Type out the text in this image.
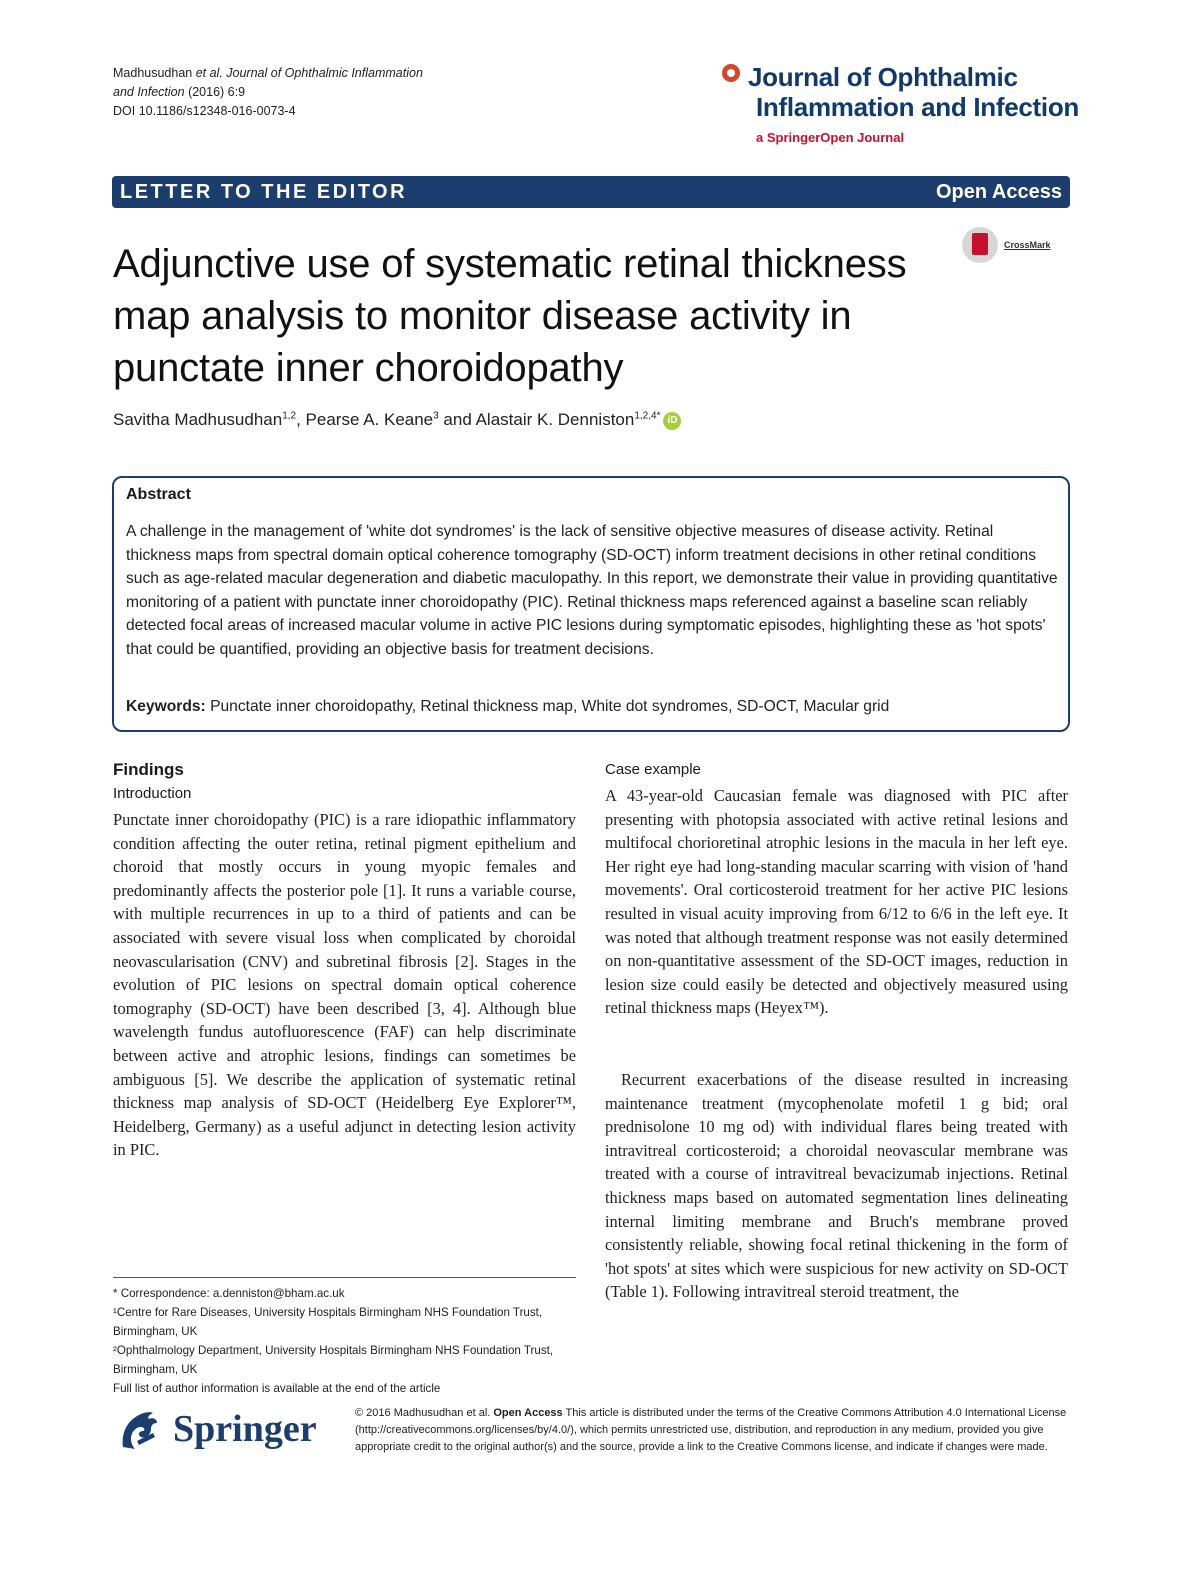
Madhusudhan et al. Journal of Ophthalmic Inflammation
and Infection (2016) 6:9
DOI 10.1186/s12348-016-0073-4
Journal of Ophthalmic
Inflammation and Infection
a SpringerOpen Journal
LETTER TO THE EDITOR	Open Access
CrossMark
Adjunctive use of systematic retinal thickness map analysis to monitor disease activity in punctate inner choroidopathy
Savitha Madhusudhan$^{1,2}$, Pearse A. Keane$^3$ and Alastair K. Denniston$^{1,2,4*}$ iD
Abstract
A challenge in the management of 'white dot syndromes' is the lack of sensitive objective measures of disease activity. Retinal thickness maps from spectral domain optical coherence tomography (SD-OCT) inform treatment decisions in other retinal conditions such as age-related macular degeneration and diabetic maculopathy. In this report, we demonstrate their value in providing quantitative monitoring of a patient with punctate inner choroidopathy (PIC). Retinal thickness maps referenced against a baseline scan reliably detected focal areas of increased macular volume in active PIC lesions during symptomatic episodes, highlighting these as 'hot spots' that could be quantified, providing an objective basis for treatment decisions.
Keywords: Punctate inner choroidopathy, Retinal thickness map, White dot syndromes, SD-OCT, Macular grid
Findings
Introduction
Punctate inner choroidopathy (PIC) is a rare idiopathic inflammatory condition affecting the outer retina, retinal pigment epithelium and choroid that mostly occurs in young myopic females and predominantly affects the posterior pole [1]. It runs a variable course, with multiple recurrences in up to a third of patients and can be associated with severe visual loss when complicated by choroidal neovascularisation (CNV) and subretinal fibrosis [2]. Stages in the evolution of PIC lesions on spectral domain optical coherence tomography (SD-OCT) have been described [3, 4]. Although blue wavelength fundus autofluorescence (FAF) can help discriminate between active and atrophic lesions, findings can sometimes be ambiguous [5]. We describe the application of systematic retinal thickness map analysis of SD-OCT (Heidelberg Eye Explorer™, Heidelberg, Germany) as a useful adjunct in detecting lesion activity in PIC.
Case example
A 43-year-old Caucasian female was diagnosed with PIC after presenting with photopsia associated with active retinal lesions and multifocal chorioretinal atrophic lesions in the macula in her left eye. Her right eye had long-standing macular scarring with vision of 'hand movements'. Oral corticosteroid treatment for her active PIC lesions resulted in visual acuity improving from 6/12 to 6/6 in the left eye. It was noted that although treatment response was not easily determined on non-quantitative assessment of the SD-OCT images, reduction in lesion size could easily be detected and objectively measured using retinal thickness maps (Heyex™).
Recurrent exacerbations of the disease resulted in increasing maintenance treatment (mycophenolate mofetil 1 g bid; oral prednisolone 10 mg od) with individual flares being treated with intravitreal corticosteroid; a choroidal neovascular membrane was treated with a course of intravitreal bevacizumab injections. Retinal thickness maps based on automated segmentation lines delineating internal limiting membrane and Bruch's membrane proved consistently reliable, showing focal retinal thickening in the form of 'hot spots' at sites which were suspicious for new activity on SD-OCT (Table 1). Following intravitreal steroid treatment, the
* Correspondence: a.denniston@bham.ac.uk
¹Centre for Rare Diseases, University Hospitals Birmingham NHS Foundation Trust, Birmingham, UK
²Ophthalmology Department, University Hospitals Birmingham NHS Foundation Trust, Birmingham, UK
Full list of author information is available at the end of the article
Springer	© 2016 Madhusudhan et al. Open Access This article is distributed under the terms of the Creative Commons Attribution 4.0 International License (http://creativecommons.org/licenses/by/4.0/), which permits unrestricted use, distribution, and reproduction in any medium, provided you give appropriate credit to the original author(s) and the source, provide a link to the Creative Commons license, and indicate if changes were made.
